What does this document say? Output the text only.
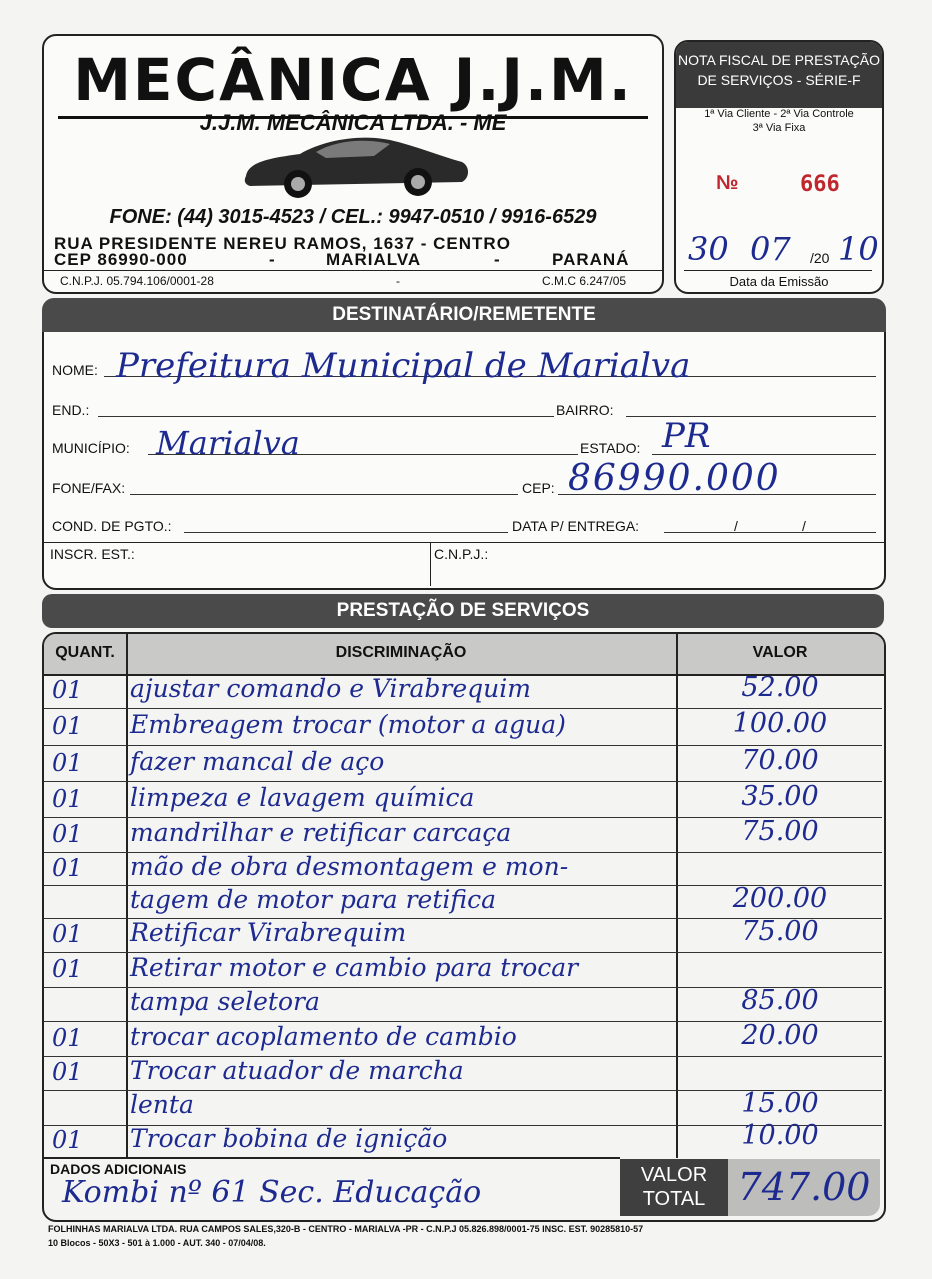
MECÂNICA J.J.M.
J.J.M. MECÂNICA LTDA. - ME
FONE: (44) 3015-4523 / CEL.: 9947-0510 / 9916-6529
RUA PRESIDENTE NEREU RAMOS, 1637 - CENTRO
CEP 86990-000	-	MARIALVA	-	PARANÁ
C.N.P.J. 05.794.106/0001-28	-	C.M.C 6.247/05
NOTA FISCAL DE PRESTAÇÃO
DE SERVIÇOS - SÉRIE-F
1ª Via Cliente - 2ª Via Controle
3ª Via Fixa
№	666
30 07 /20 10
Data da Emissão
DESTINATÁRIO/REMETENTE
NOME: Prefeitura Municipal de Marialva
END.:	BAIRRO:
MUNICÍPIO: Marialva	ESTADO: PR
FONE/FAX:	CEP: 86990.000
COND. DE PGTO.:	DATA P/ ENTREGA:	/	/
INSCR. EST.:	C.N.P.J.:
PRESTAÇÃO DE SERVIÇOS
QUANT.	DISCRIMINAÇÃO	VALOR
01	ajustar comando e Virabrequim	52.00
01	Embreagem trocar (motor a agua)	100.00
01	fazer mancal de aço	70.00
01	limpeza e lavagem química	35.00
01	mandrilhar e retificar carcaça	75.00
01	mão de obra desmontagem e mon-
tagem de motor para retifica	200.00
01	Retificar Virabrequim	75.00
01	Retirar motor e cambio para trocar
tampa seletora	85.00
01	trocar acoplamento de cambio	20.00
01	Trocar atuador de marcha
lenta	15.00
01	Trocar bobina de ignição	10.00
DADOS ADICIONAIS
Kombi nº 61 Sec. Educação	VALOR
TOTAL 747.00
FOLHINHAS MARIALVA LTDA. RUA CAMPOS SALES,320-B - CENTRO - MARIALVA -PR - C.N.P.J 05.826.898/0001-75 INSC. EST. 90285810-57
10 Blocos - 50X3 - 501 à 1.000 - AUT. 340 - 07/04/08.
